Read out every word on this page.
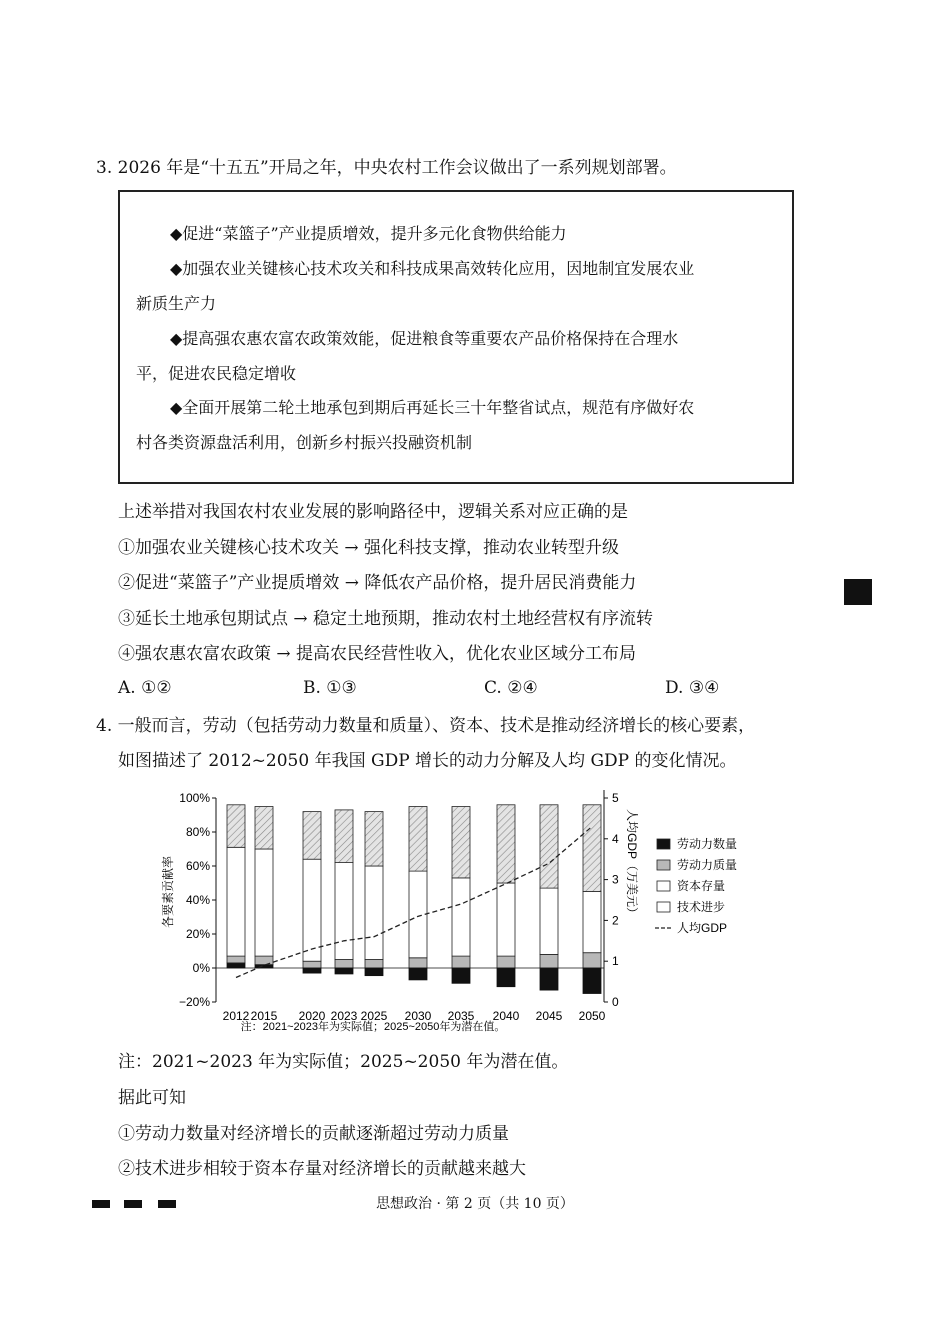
3. 2026 年是“十五五”开局之年，中央农村工作会议做出了一系列规划部署。
◆促进“菜篮子”产业提质增效，提升多元化食物供给能力
◆加强农业关键核心技术攻关和科技成果高效转化应用，因地制宜发展农业
新质生产力
◆提高强农惠农富农政策效能，促进粮食等重要农产品价格保持在合理水
平，促进农民稳定增收
◆全面开展第二轮土地承包到期后再延长三十年整省试点，规范有序做好农
村各类资源盘活利用，创新乡村振兴投融资机制
上述举措对我国农村农业发展的影响路径中，逻辑关系对应正确的是
①加强农业关键核心技术攻关 → 强化科技支撑，推动农业转型升级
②促进“菜篮子”产业提质增效 → 降低农产品价格，提升居民消费能力
③延长土地承包期试点 → 稳定土地预期，推动农村土地经营权有序流转
④强农惠农富农政策 → 提高农民经营性收入，优化农业区域分工布局
A. ①②	B. ①③	C. ②④	D. ③④
4. 一般而言，劳动（包括劳动力数量和质量）、资本、技术是推动经济增长的核心要素，
如图描述了 2012~2050 年我国 GDP 增长的动力分解及人均 GDP 的变化情况。
2012 2015 2020 2023 2025 2030 2035 2040 2045 2050
100%
80%
60%
40%
20%
0%
−20%
5
4
3
2
1
0
各要素贡献率	人均GDP（万美元）	劳动力数量
劳动力质量
资本存量
技术进步
人均GDP
注：2021~2023年为实际值；2025~2050年为潜在值。
注：2021~2023 年为实际值；2025~2050 年为潜在值。
据此可知
①劳动力数量对经济增长的贡献逐渐超过劳动力质量
②技术进步相较于资本存量对经济增长的贡献越来越大
思想政治 · 第 2 页（共 10 页）
